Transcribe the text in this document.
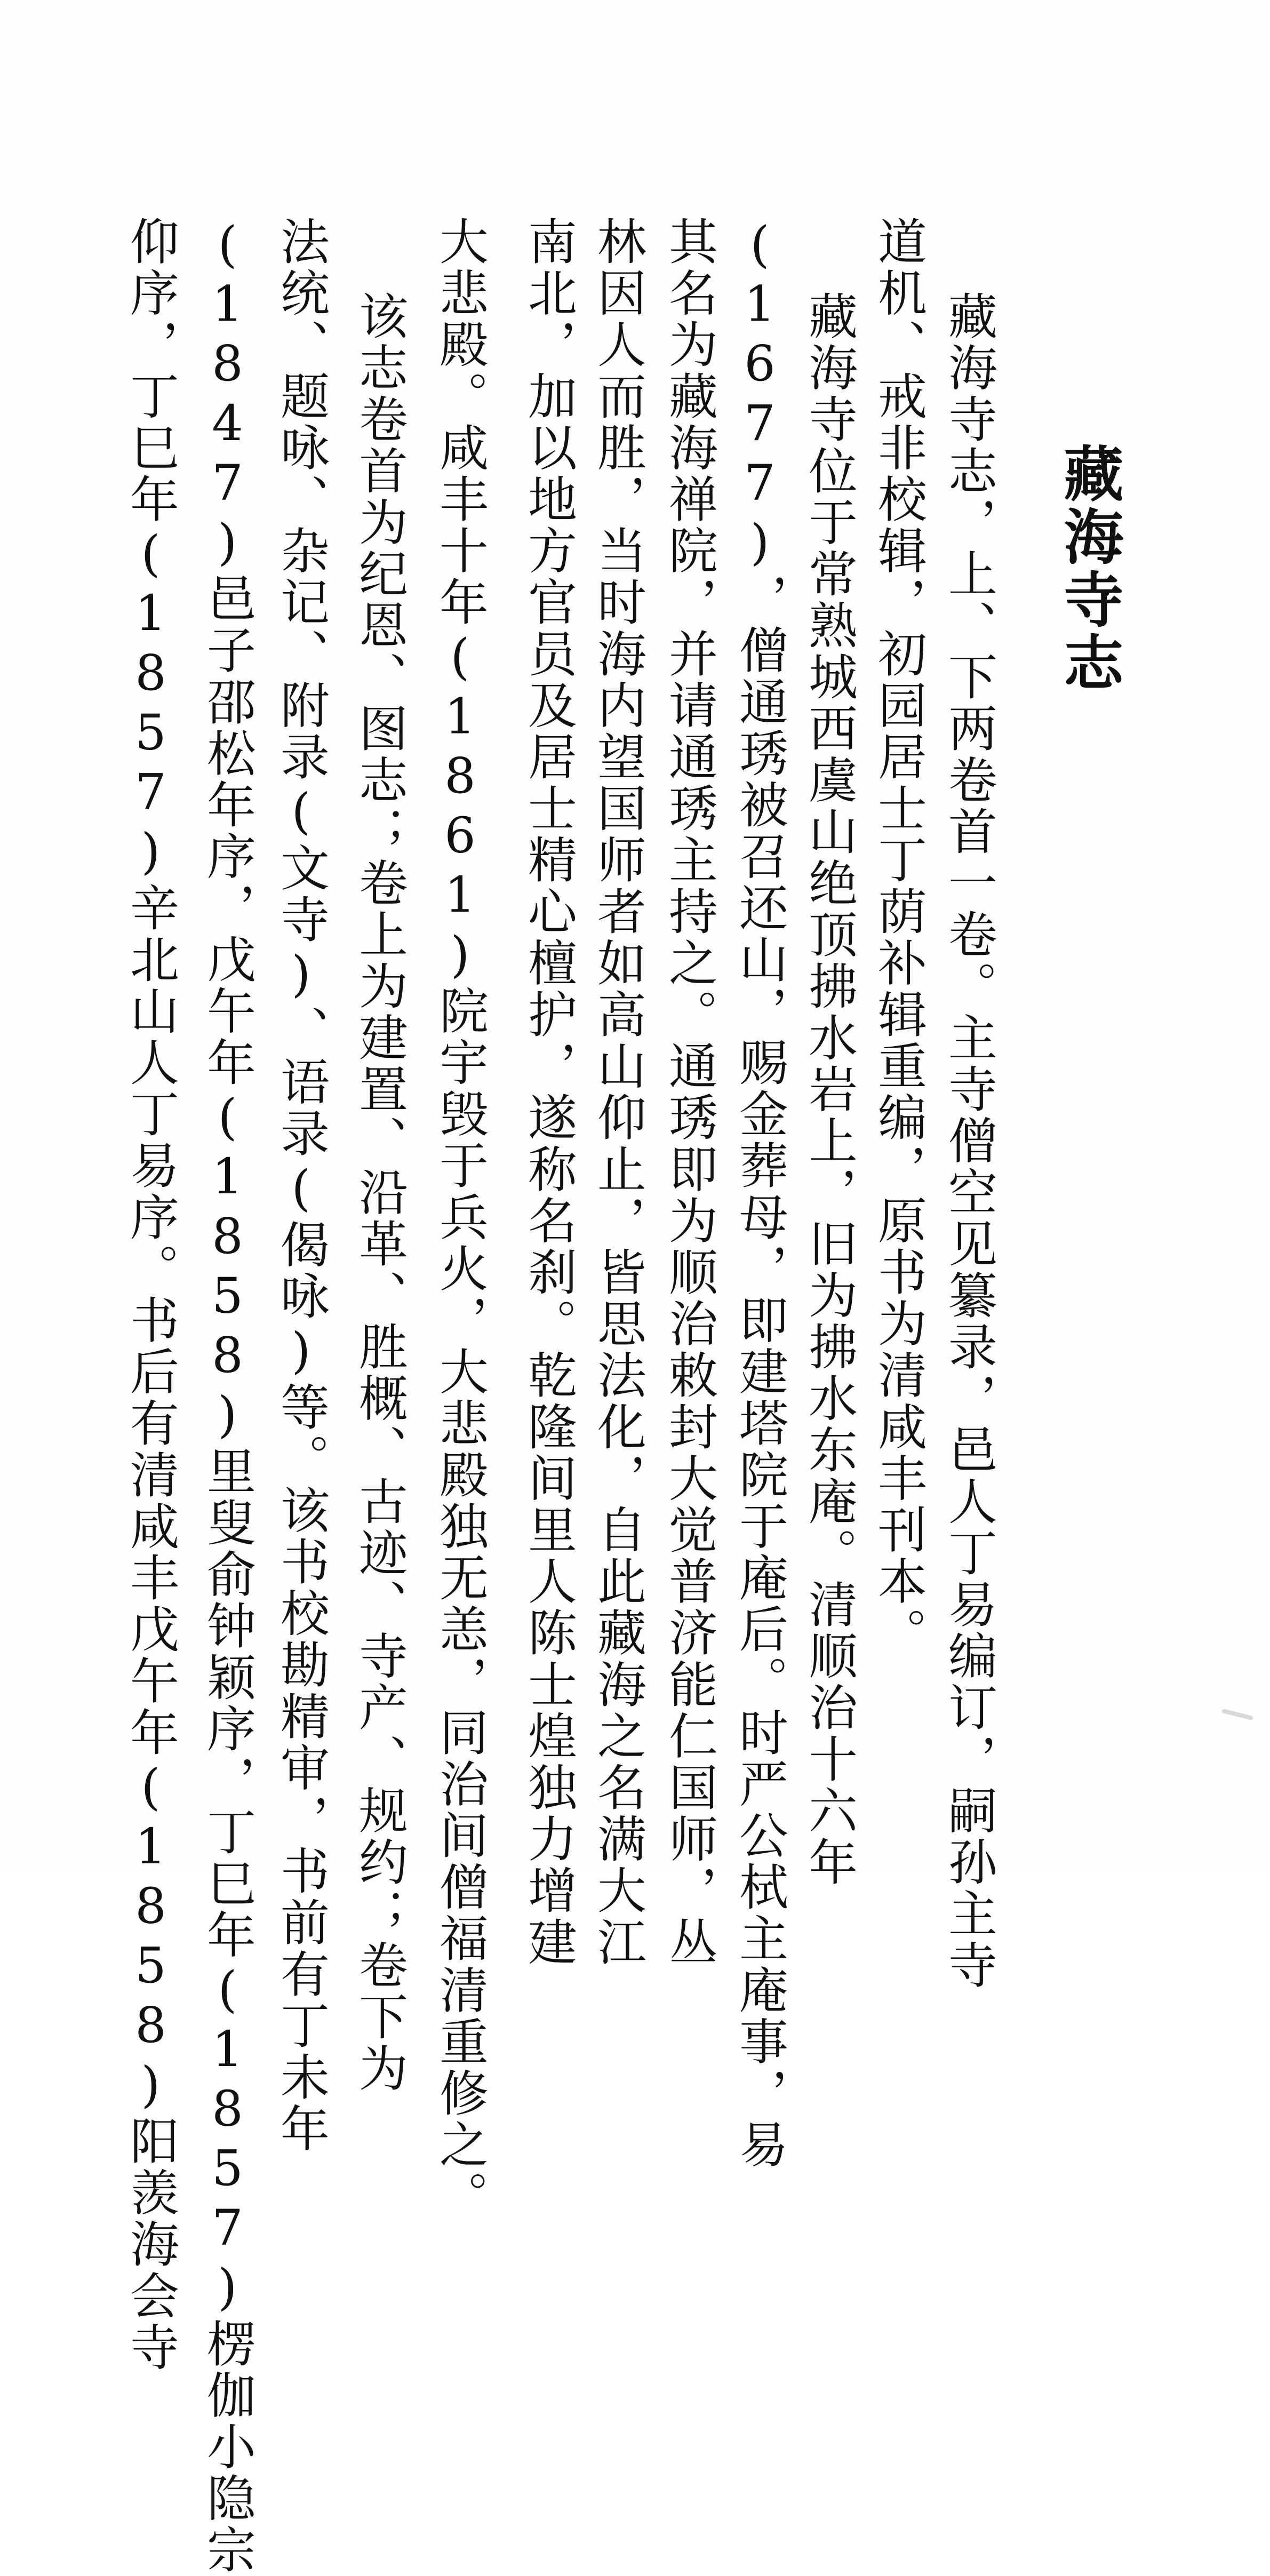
藏海寺志
藏海寺志，上、下两卷首一卷。主寺僧空见纂录，邑人丁易编订，嗣孙主寺
道机、戒非校辑，初园居士丁荫补辑重编，原书为清咸丰刊本。
藏海寺位于常熟城西虞山绝顶拂水岩上，旧为拂水东庵。清顺治十六年
(1677)，僧通琇被召还山，赐金葬母，即建塔院于庵后。时严公栻主庵事，易
其名为藏海禅院，并请通琇主持之。通琇即为顺治敕封大觉普济能仁国师，丛
林因人而胜，当时海内望国师者如高山仰止，皆思法化，自此藏海之名满大江
南北，加以地方官员及居士精心檀护，遂称名刹。乾隆间里人陈士煌独力增建
大悲殿。咸丰十年(1861)院宇毁于兵火，大悲殿独无恙，同治间僧福清重修之。
该志卷首为纪恩、图志；卷上为建置、沿革、胜概、古迹、寺产、规约；卷下为
法统、题咏、杂记、附录(文寺)、语录(偈咏)等。该书校勘精审，书前有丁未年
(1847)邑子邵松年序，戊午年(1858)里叟俞钟颖序，丁巳年(1857)楞伽小隐宗
仰序，丁巳年(1857)辛北山人丁易序。书后有清咸丰戊午年(1858)阳羡海会寺
